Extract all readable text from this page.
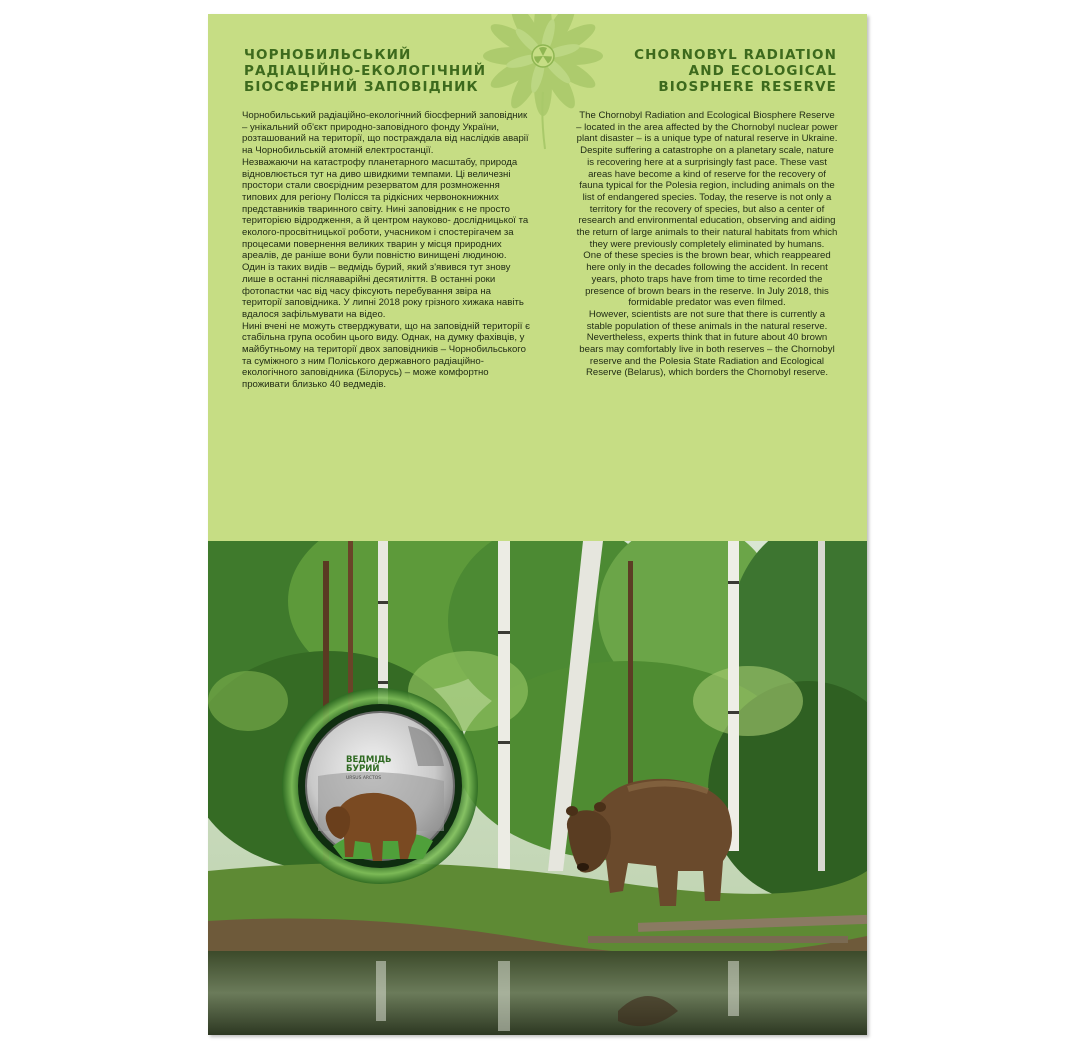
ЧОРНОБИЛЬСЬКИЙ
РАДІАЦІЙНО-ЕКОЛОГІЧНИЙ
БІОСФЕРНИЙ ЗАПОВІДНИК
CHORNOBYL RADIATION
AND ECOLOGICAL
BIOSPHERE RESERVE

Чорнобильський радіаційно-екологічний біосферний заповідник – унікальний об'єкт природно-заповідного фонду України, розташований на території, що постраждала від наслідків аварії на Чорнобильській атомній електростанції.

Незважаючи на катастрофу планетарного масштабу, природа відновлюється тут на диво швидкими темпами. Ці величезні простори стали своєрідним резерватом для розмноження типових для регіону Полісся та рідкісних червонокнижних представників тваринного світу. Нині заповідник є не просто територією відродження, а й центром науково- дослідницької та еколого-просвітницької роботи, учасником і спостерігачем за процесами повернення великих тварин у місця природних ареалів, де раніше вони були повністю винищені людиною.

Один із таких видів – ведмідь бурий, який з'явився тут знову лише в останні післяаварійні десятиліття. В останні роки фотопастки час від часу фіксують перебування звіра на території заповідника. У липні 2018 року грізного хижака навіть вдалося зафільмувати на відео.

Нині вчені не можуть стверджувати, що на заповідній території є стабільна група особин цього виду. Однак, на думку фахівців, у майбутньому на території двох заповідників – Чорнобильського та суміжного з ним Поліського державного радіаційно-екологічного заповідника (Білорусь) – може комфортно проживати близько 40 ведмедів.

The Chornobyl Radiation and Ecological Biosphere Reserve – located in the area affected by the Chornobyl nuclear power plant disaster – is a unique type of natural reserve in Ukraine.

Despite suffering a catastrophe on a planetary scale, nature is recovering here at a surprisingly fast pace. These vast areas have become a kind of reserve for the recovery of fauna typical for the Polesia region, including animals on the list of endangered species. Today, the reserve is not only a territory for the recovery of species, but also a center of research and environmental education, observing and aiding the return of large animals to their natural habitats from which they were previously completely eliminated by humans.

One of these species is the brown bear, which reappeared here only in the decades following the accident. In recent years, photo traps have from time to time recorded the presence of brown bears in the reserve. In July 2018, this formidable predator was even filmed.

However, scientists are not sure that there is currently a stable population of these animals in the natural reserve. Nevertheless, experts think that in future about 40 brown bears may comfortably live in both reserves – the Chornobyl reserve and the Polesia State Radiation and Ecological Reserve (Belarus), which borders the Chornobyl reserve.

ВЕДМІДЬ БУРИЙ
URSUS ARCTOS
